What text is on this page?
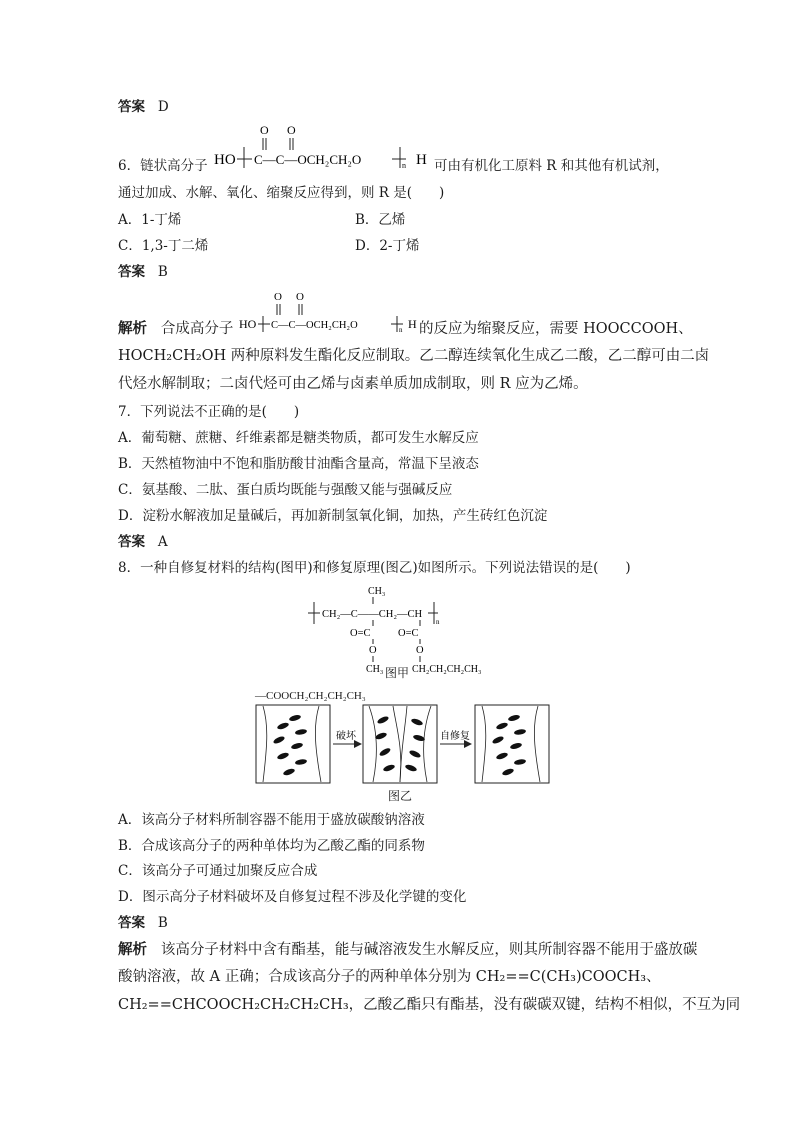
答案 D
6．链状高分子
O O
HO C—C—OCH₂CH₂O	n H 可由有机化工原料 R 和其他有机试剂，
通过加成、水解、氧化、缩聚反应得到，则 R 是(　　)
A．1-丁烯	B．乙烯
C．1,3-丁二烯	D．2-丁烯
答案 B
解析 合成高分子
O O
HO C—C—OCH₂CH₂O	n H 的反应为缩聚反应，需要 HOOCCOOH、
HOCH₂CH₂OH 两种原料发生酯化反应制取。乙二醇连续氧化生成乙二酸，乙二醇可由二卤
代烃水解制取；二卤代烃可由乙烯与卤素单质加成制取，则 R 应为乙烯。
7．下列说法不正确的是(　　)
A．葡萄糖、蔗糖、纤维素都是糖类物质，都可发生水解反应
B．天然植物油中不饱和脂肪酸甘油酯含量高，常温下呈液态
C．氨基酸、二肽、蛋白质均既能与强酸又能与强碱反应
D．淀粉水解液加足量碱后，再加新制氢氧化铜，加热，产生砖红色沉淀
答案 A
8．一种自修复材料的结构(图甲)和修复原理(图乙)如图所示。下列说法错误的是(　　)
CH₃
CH₂—C——CH₂—CH
n
O=C	O=C
O	O
CH₃	CH₂CH₂CH₂CH₃
图甲
—COOCH₂CH₂CH₂CH₃
破坏	自修复
图乙
A．该高分子材料所制容器不能用于盛放碳酸钠溶液
B．合成该高分子的两种单体均为乙酸乙酯的同系物
C．该高分子可通过加聚反应合成
D．图示高分子材料破坏及自修复过程不涉及化学键的变化
答案 B
解析 该高分子材料中含有酯基，能与碱溶液发生水解反应，则其所制容器不能用于盛放碳
酸钠溶液，故 A 正确；合成该高分子的两种单体分别为 CH₂==C(CH₃)COOCH₃、
CH₂==CHCOOCH₂CH₂CH₂CH₃，乙酸乙酯只有酯基，没有碳碳双键，结构不相似，不互为同
